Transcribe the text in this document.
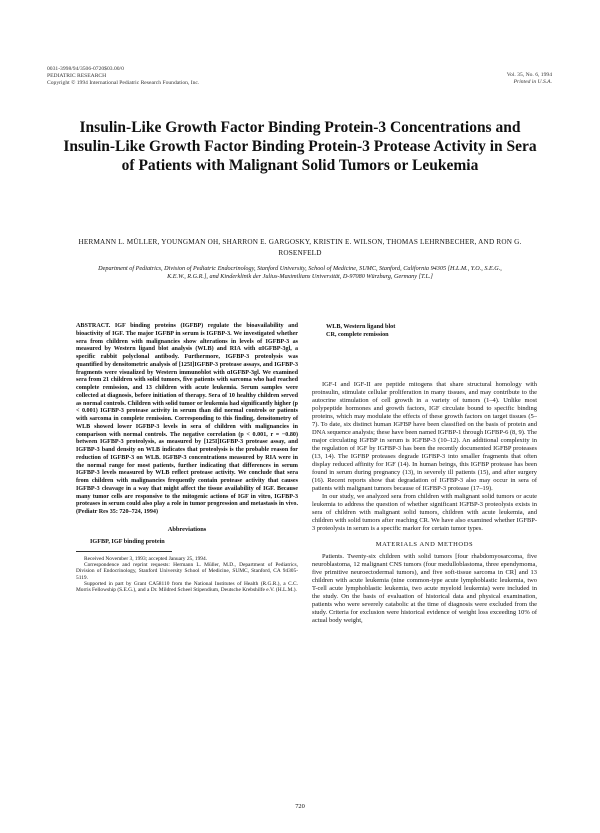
0031-3998/94/3506-0720$03.00/0
PEDIATRIC RESEARCH
Copyright © 1994 International Pediatric Research Foundation, Inc.
Vol. 35, No. 6, 1994
Printed in U.S.A.
Insulin-Like Growth Factor Binding Protein-3 Concentrations and Insulin-Like Growth Factor Binding Protein-3 Protease Activity in Sera of Patients with Malignant Solid Tumors or Leukemia
HERMANN L. MÜLLER, YOUNGMAN OH, SHARRON E. GARGOSKY, KRISTIN E. WILSON, THOMAS LEHRNBECHER, AND RON G. ROSENFELD
Department of Pediatrics, Division of Pediatric Endocrinology, Stanford University, School of Medicine, SUMC, Stanford, California 94305 [H.L.M., Y.O., S.E.G., K.E.W., R.G.R.], and Kinderklinik der Julius-Maximilians Universität, D-97080 Würzburg, Germany [T.L.]

ABSTRACT. IGF binding proteins (IGFBP) regulate the bioavailability and bioactivity of IGF. The major IGFBP in serum is IGFBP-3. We investigated whether sera from children with malignancies show alterations in levels of IGFBP-3 as measured by Western ligand blot analysis (WLB) and RIA with αIGFBP-3gl, a specific rabbit polyclonal antibody. Furthermore, IGFBP-3 proteolysis was quantified by densitometric analysis of [125I]IGFBP-3 protease assays, and IGFBP-3 fragments were visualized by Western immunoblot with αIGFBP-3gl. We examined sera from 21 children with solid tumors, five patients with sarcoma who had reached complete remission, and 13 children with acute leukemia. Serum samples were collected at diagnosis, before initiation of therapy. Sera of 10 healthy children served as normal controls. Children with solid tumor or leukemia had significantly higher (p < 0.001) IGFBP-3 protease activity in serum than did normal controls or patients with sarcoma in complete remission. Corresponding to this finding, densitometry of WLB showed lower IGFBP-3 levels in sera of children with malignancies in comparison with normal controls. The negative correlation (p < 0.001, r = −0.80) between IGFBP-3 proteolysis, as measured by [125I]IGFBP-3 protease assay, and IGFBP-3 band density on WLB indicates that proteolysis is the probable reason for reduction of IGFBP-3 on WLB. IGFBP-3 concentrations measured by RIA were in the normal range for most patients, further indicating that differences in serum IGFBP-3 levels measured by WLB reflect protease activity. We conclude that sera from children with malignancies frequently contain protease activity that causes IGFBP-3 cleavage in a way that might affect the tissue availability of IGF. Because many tumor cells are responsive to the mitogenic actions of IGF in vitro, IGFBP-3 proteases in serum could also play a role in tumor progression and metastasis in vivo. (Pediatr Res 35: 720–724, 1994)

Abbreviations
IGFBP, IGF binding protein

Received November 3, 1993; accepted January 25, 1994.

Correspondence and reprint requests: Hermann L. Müller, M.D., Department of Pediatrics, Division of Endocrinology, Stanford University School of Medicine, SUMC, Stanford, CA 94305-5119.

Supported in part by Grant CA58110 from the National Institutes of Health (R.G.R.), a C.C. Morris Fellowship (S.E.G.), and a Dr. Mildred Scheel Stipendium, Deutsche Krebshilfe e.V. (H.L.M.).

WLB, Western ligand blot
CR, complete remission

IGF-I and IGF-II are peptide mitogens that share structural homology with proinsulin, stimulate cellular proliferation in many tissues, and may contribute to the autocrine stimulation of cell growth in a variety of tumors (1–4). Unlike most polypeptide hormones and growth factors, IGF circulate bound to specific binding proteins, which may modulate the effects of these growth factors on target tissues (5–7). To date, six distinct human IGFBP have been classified on the basis of protein and DNA sequence analysis; these have been named IGFBP-1 through IGFBP-6 (8, 9). The major circulating IGFBP in serum is IGFBP-3 (10–12). An additional complexity in the regulation of IGF by IGFBP-3 has been the recently documented IGFBP proteases (13, 14). The IGFBP proteases degrade IGFBP-3 into smaller fragments that often display reduced affinity for IGF (14). In human beings, this IGFBP protease has been found in serum during pregnancy (13), in severely ill patients (15), and after surgery (16). Recent reports show that degradation of IGFBP-3 also may occur in sera of patients with malignant tumors because of IGFBP-3 protease (17–19).

In our study, we analyzed sera from children with malignant solid tumors or acute leukemia to address the question of whether significant IGFBP-3 proteolysis exists in sera of children with malignant solid tumors, children with acute leukemia, and children with solid tumors after reaching CR. We have also examined whether IGFBP-3 proteolysis in serum is a specific marker for certain tumor types.

MATERIALS AND METHODS

Patients. Twenty-six children with solid tumors [four rhabdomyosarcoma, five neuroblastoma, 12 malignant CNS tumors (four medulloblastoma, three ependymoma, five primitive neuroectodermal tumors), and five soft-tissue sarcoma in CR] and 13 children with acute leukemia (nine common-type acute lymphoblastic leukemia, two T-cell acute lymphoblastic leukemia, two acute myeloid leukemia) were included in the study. On the basis of evaluation of historical data and physical examination, patients who were severely catabolic at the time of diagnosis were excluded from the study. Criteria for exclusion were historical evidence of weight loss exceeding 10% of actual body weight,

720
